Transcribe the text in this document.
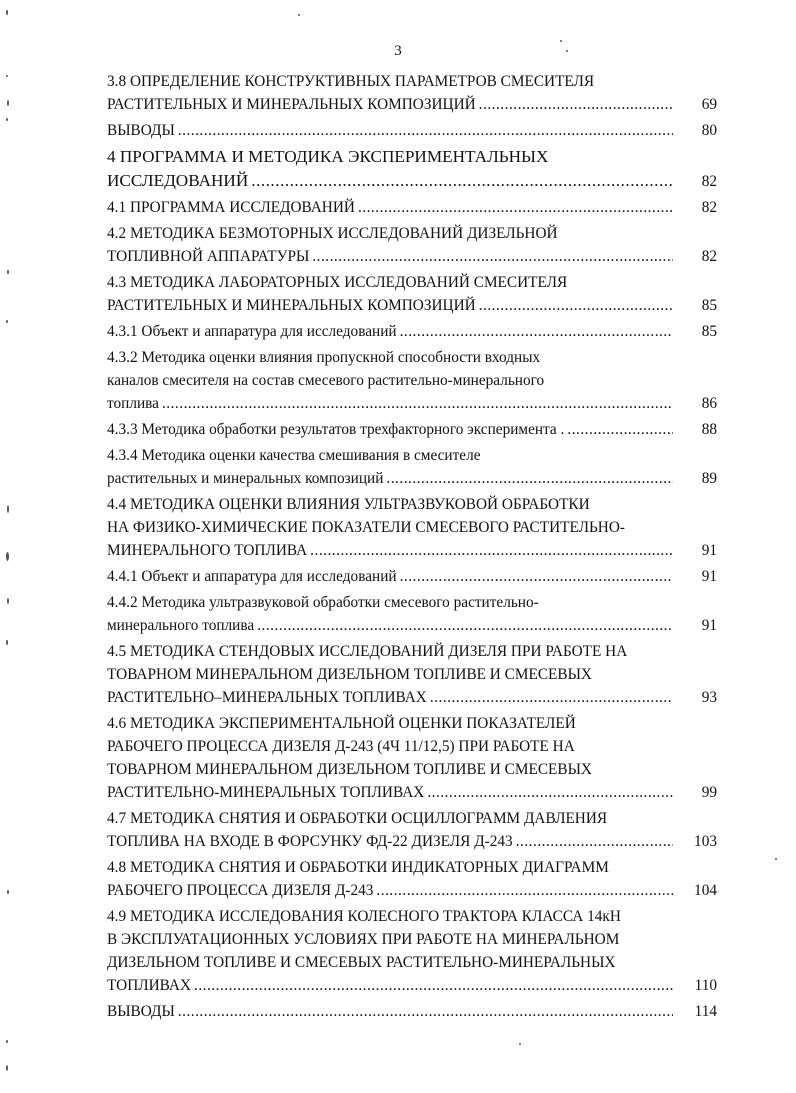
3
3.8 ОПРЕДЕЛЕНИЕ КОНСТРУКТИВНЫХ ПАРАМЕТРОВ СМЕСИТЕЛЯ
РАСТИТЕЛЬНЫХ И МИНЕРАЛЬНЫХ КОМПОЗИЦИЙ .....	69
ВЫВОДЫ .....	80
4 ПРОГРАММА И МЕТОДИКА ЭКСПЕРИМЕНТАЛЬНЫХ
ИССЛЕДОВАНИЙ .....	82
4.1 ПРОГРАММА ИССЛЕДОВАНИЙ .....	82
4.2 МЕТОДИКА БЕЗМОТОРНЫХ ИССЛЕДОВАНИЙ ДИЗЕЛЬНОЙ
ТОПЛИВНОЙ АППАРАТУРЫ .....	82
4.3 МЕТОДИКА ЛАБОРАТОРНЫХ ИССЛЕДОВАНИЙ СМЕСИТЕЛЯ
РАСТИТЕЛЬНЫХ И МИНЕРАЛЬНЫХ КОМПОЗИЦИЙ .....	85
4.3.1 Объект и аппаратура для исследований .....	85
4.3.2 Методика оценки влияния пропускной способности входных
каналов смесителя на состав смесевого растительно-минерального
топлива .....	86
4.3.3 Методика обработки результатов трехфакторного эксперимента . .....	88
4.3.4 Методика оценки качества смешивания в смесителе
растительных и минеральных композиций .....	89
4.4 МЕТОДИКА ОЦЕНКИ ВЛИЯНИЯ УЛЬТРАЗВУКОВОЙ ОБРАБОТКИ
НА ФИЗИКО-ХИМИЧЕСКИЕ ПОКАЗАТЕЛИ СМЕСЕВОГО РАСТИТЕЛЬНО-
МИНЕРАЛЬНОГО ТОПЛИВА .....	91
4.4.1 Объект и аппаратура для исследований .....	91
4.4.2 Методика ультразвуковой обработки смесевого растительно-
минерального топлива .....	91
4.5 МЕТОДИКА СТЕНДОВЫХ ИССЛЕДОВАНИЙ ДИЗЕЛЯ ПРИ РАБОТЕ НА
ТОВАРНОМ МИНЕРАЛЬНОМ ДИЗЕЛЬНОМ ТОПЛИВЕ И СМЕСЕВЫХ
РАСТИТЕЛЬНО–МИНЕРАЛЬНЫХ ТОПЛИВАХ .....	93
4.6 МЕТОДИКА ЭКСПЕРИМЕНТАЛЬНОЙ ОЦЕНКИ ПОКАЗАТЕЛЕЙ
РАБОЧЕГО ПРОЦЕССА ДИЗЕЛЯ Д-243 (4Ч 11/12,5) ПРИ РАБОТЕ НА
ТОВАРНОМ МИНЕРАЛЬНОМ ДИЗЕЛЬНОМ ТОПЛИВЕ И СМЕСЕВЫХ
РАСТИТЕЛЬНО-МИНЕРАЛЬНЫХ ТОПЛИВАХ .....	99
4.7 МЕТОДИКА СНЯТИЯ И ОБРАБОТКИ ОСЦИЛЛОГРАММ ДАВЛЕНИЯ
ТОПЛИВА НА ВХОДЕ В ФОРСУНКУ ФД-22 ДИЗЕЛЯ Д-243 .....	103
4.8 МЕТОДИКА СНЯТИЯ И ОБРАБОТКИ ИНДИКАТОРНЫХ ДИАГРАММ
РАБОЧЕГО ПРОЦЕССА ДИЗЕЛЯ Д-243 .....	104
4.9 МЕТОДИКА ИССЛЕДОВАНИЯ КОЛЕСНОГО ТРАКТОРА КЛАССА 14кН
В ЭКСПЛУАТАЦИОННЫХ УСЛОВИЯХ ПРИ РАБОТЕ НА МИНЕРАЛЬНОМ
ДИЗЕЛЬНОМ ТОПЛИВЕ И СМЕСЕВЫХ РАСТИТЕЛЬНО-МИНЕРАЛЬНЫХ
ТОПЛИВАХ .....	110
ВЫВОДЫ .....	114
